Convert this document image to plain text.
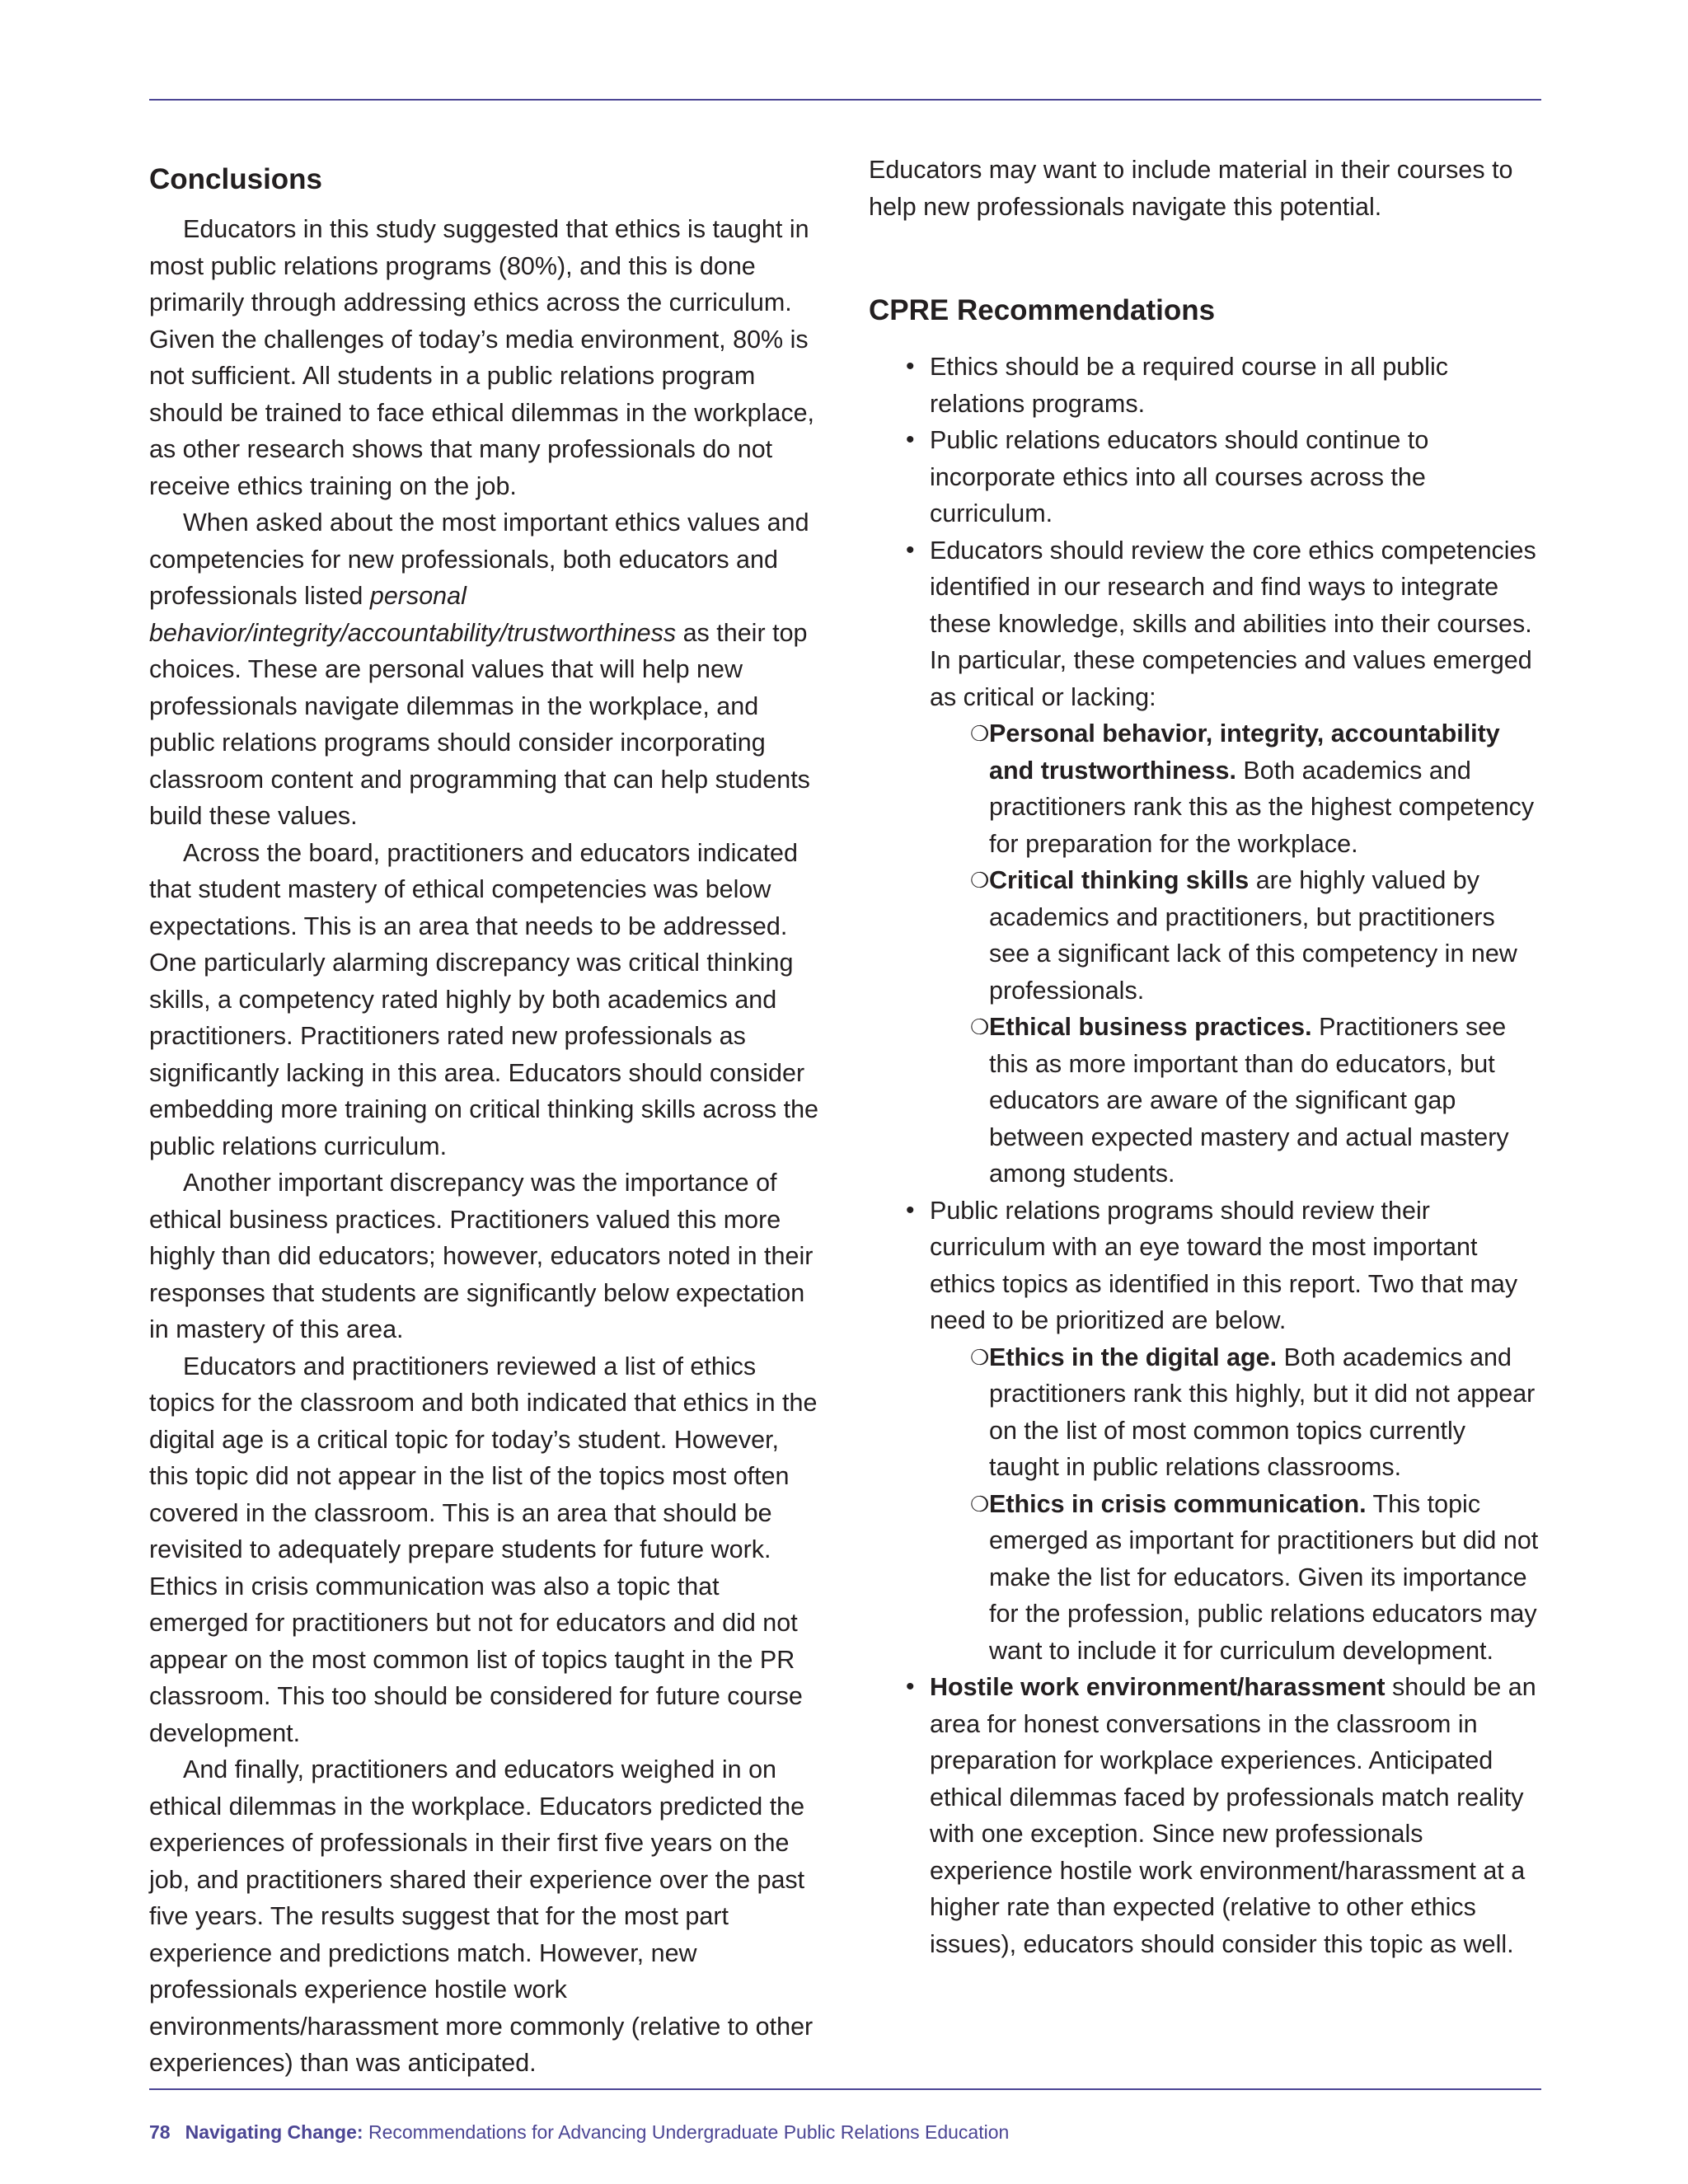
Conclusions

Educators in this study suggested that ethics is taught in most public relations programs (80%), and this is done primarily through addressing ethics across the curriculum. Given the challenges of today’s media environment, 80% is not sufficient. All students in a public relations program should be trained to face ethical dilemmas in the workplace, as other research shows that many professionals do not receive ethics training on the job.

When asked about the most important ethics values and competencies for new professionals, both educators and professionals listed personal behavior/integrity/accountability/trustworthiness as their top choices. These are personal values that will help new professionals navigate dilemmas in the workplace, and public relations programs should consider incorporating classroom content and programming that can help students build these values.

Across the board, practitioners and educators indicated that student mastery of ethical competencies was below expectations. This is an area that needs to be addressed. One particularly alarming discrepancy was critical thinking skills, a competency rated highly by both academics and practitioners. Practitioners rated new professionals as significantly lacking in this area. Educators should consider embedding more training on critical thinking skills across the public relations curriculum.

Another important discrepancy was the importance of ethical business practices. Practitioners valued this more highly than did educators; however, educators noted in their responses that students are significantly below expectation in mastery of this area.

Educators and practitioners reviewed a list of ethics topics for the classroom and both indicated that ethics in the digital age is a critical topic for today’s student. However, this topic did not appear in the list of the topics most often covered in the classroom. This is an area that should be revisited to adequately prepare students for future work. Ethics in crisis communication was also a topic that emerged for practitioners but not for educators and did not appear on the most common list of topics taught in the PR classroom. This too should be considered for future course development.

And finally, practitioners and educators weighed in on ethical dilemmas in the workplace. Educators predicted the experiences of professionals in their first five years on the job, and practitioners shared their experience over the past five years. The results suggest that for the most part experience and predictions match. However, new professionals experience hostile work environments/harassment more commonly (relative to other experiences) than was anticipated.

Educators may want to include material in their courses to help new professionals navigate this potential.

CPRE Recommendations
• Ethics should be a required course in all public relations programs.
• Public relations educators should continue to incorporate ethics into all courses across the curriculum.
• Educators should review the core ethics competencies identified in our research and find ways to integrate these knowledge, skills and abilities into their courses. In particular, these competencies and values emerged as critical or lacking:
❍ Personal behavior, integrity, accountability and trustworthiness. Both academics and practitioners rank this as the highest competency for preparation for the workplace.
❍ Critical thinking skills are highly valued by academics and practitioners, but practitioners see a significant lack of this competency in new professionals.
❍ Ethical business practices. Practitioners see this as more important than do educators, but educators are aware of the significant gap between expected mastery and actual mastery among students.
• Public relations programs should review their curriculum with an eye toward the most important ethics topics as identified in this report. Two that may need to be prioritized are below.
❍ Ethics in the digital age. Both academics and practitioners rank this highly, but it did not appear on the list of most common topics currently taught in public relations classrooms.
❍ Ethics in crisis communication. This topic emerged as important for practitioners but did not make the list for educators. Given its importance for the profession, public relations educators may want to include it for curriculum development.
• Hostile work environment/harassment should be an area for honest conversations in the classroom in preparation for workplace experiences. Anticipated ethical dilemmas faced by professionals match reality with one exception. Since new professionals experience hostile work environment/harassment at a higher rate than expected (relative to other ethics issues), educators should consider this topic as well.
78 Navigating Change: Recommendations for Advancing Undergraduate Public Relations Education
